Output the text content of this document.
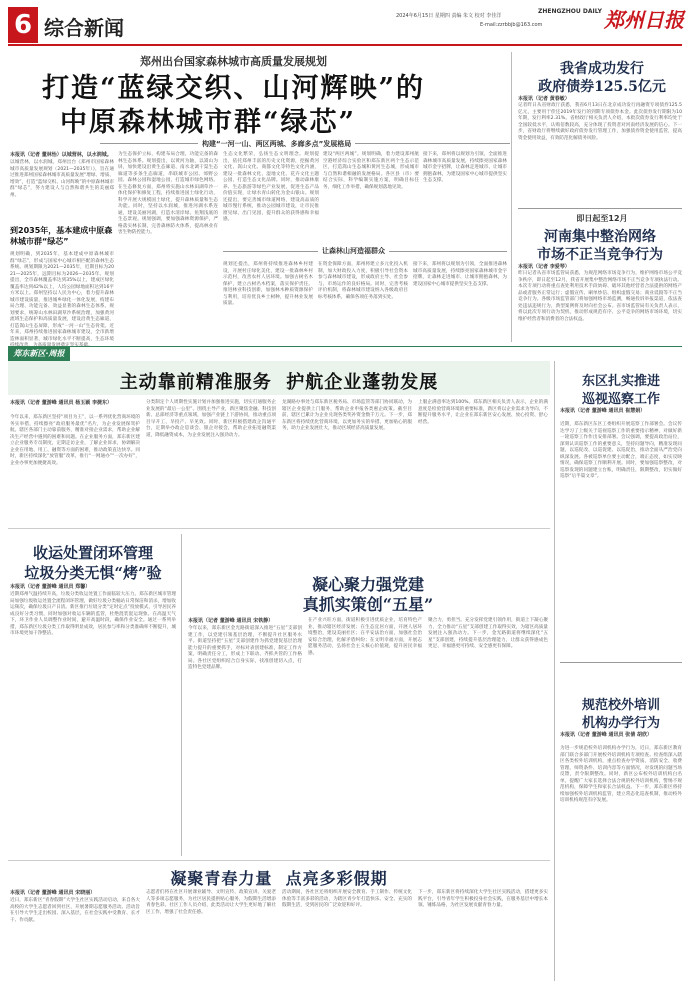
6 综合新闻	2024年6月15日 星期四 责编 朱文 校对 李佳洋
E-mail:zzrbbjb@163.com
ZHENGZHOU DAILY 郑州日报
郑州出台国家森林城市高质量发展规划
打造“蓝绿交织、山河辉映”的
中原森林城市群“绿芯”
构建“一河一山、两区两城、多廊多点”发展格局
本报讯（记者 董林怡）以城营林，以水润城。
以城营林，以水润城。郑州出台《郑州市国家森林城市高质量发展规划（2021—2035年）》，旨在通过推进郑州国家森林城市高质量发展“增绿、增质、增效”，打造“蓝绿交织、山河辉映”的中原森林城市群“绿芯”，努力建设人与自然和谐共生的美丽郑州。
到2035年，基本建成中原森林城市群“绿芯”
规划明确，到2035年，基本建成中原森林城市群“绿芯”，形成与国家中心城市相匹配的森林生态系统。规划期限为2021—2035年，近期目标为2021—2025年，远期目标为2026—2035年。规划提出，全市森林覆盖率达到35%以上，建成区绿化覆盖率达到42%以上，人均公园绿地面积达到16平方米以上。郑州坚持以人民为中心，着力提升森林城市建设质量，推进城乡绿化一体化发展，构建布局合理、功能完备、效益显著的森林生态体系。规划要求，统筹山水林田湖草沙系统治理，加强黄河流域生态保护和高质量发展，建设沿黄生态廊道，打造嵩山生态屏障，形成“一河一山”生态骨架。近年来，郑州持续推进国家森林城市建设，全市新增造林面积显著，城市绿化水平不断提高，生态环境
为生态保护立标，构建布局合理、功能完备的森林生态体系。规划提出，以黄河为轴，以嵩山为屏，加快建设沿黄生态廊道、南水北调干渠生态廊道等多条生态廊道，串联城市公园、郊野公园、森林公园和湿地公园，打造城市绿色网络。在生态修复方面，郑州将实施山水林田湖草沙一体化保护和修复工程，持续推进国土绿化行动，科学开展大规模国土绿化，提升森林质量和生态功能。同时，坚持以水润城，推进河湖水系连通，建设美丽河湖，打造水清岸绿、鱼翔浅底的生态景观。规划强调，要加强森林资源保护，严格落实林长制，完善森林防火体系，提高林业有害生物防控能力。
生态文化繁荣，弘扬生态文明理念。规划提出，依托郑州丰富的历史文化资源，挖掘黄河文化、嵩山文化、商都文化等特色文化内涵，建设一批森林文化、湿地文化、花卉文化主题公园，打造生态文化品牌。同时，推动森林康养、生态旅游等绿色产业发展，促进生态产品价值实现，让绿水青山转化为金山银山。规划还提出，要完善城市绿道网络，建设高品质的城市慢行系统，推动公园城市建设，让市民推窗见绿、出门见园，提升群众的获得感和幸福感。
建设“两区两城”。规划明确，着力建设郑州航空港经济综合实验区和郑东新区两个生态示范区，打造嵩山生态城和黄河生态城，形成城市与自然和谐相融的发展格局。各区县（市）要结合实际，科学编制实施方案，明确目标任务，细化工作举措，确保规划落地见效。
接下来，郑州将以规划为引领，全面推进森林城市高质量发展，持续擦亮国家森林城市金字招牌，让森林走进城市、让城市拥抱森林，为建设国家中心城市提供坚实生态支撑。
让森林山河造福群众
规划还提出，郑州将持续推进森林乡村建设，开展村庄绿化美化，建设一批森林乡村示范村，改善农村人居环境。加强古树名木保护，建立古树名木档案，落实保护责任。推进林业科技创新，加强林木种质资源保护与利用，培育优良乡土树种，提升林业发展质量。
在资金保障方面，郑州将建立多元化投入机制，加大财政投入力度，积极引导社会资本参与森林城市建设，形成政府主导、社会参与、市场运作的良好格局。同时，完善考核评价机制，将森林城市建设纳入各级政府目标考核体系，确保各项任务落到实处。
接下来，郑州将以规划为引领，全面推进森林城市高质量发展，持续擦亮国家森林城市金字招牌，让森林走进城市、让城市拥抱森林，为建设国家中心城市提供坚实生态支撑。
我省成功发行
政府债券125.5亿元
本报讯（记者 黄春敏）
记者昨日从省财政厅获悉，我省6月13日在北京成功发行再融资专项债券125.5亿元，主要用于偿还2019年发行的到期专项债券本金。此次债券发行期限为10年期，发行利率2.31%。省财政厅相关负责人介绍，本批次债券发行利率均处于全国较低水平，认购倍数较高，充分体现了投资者对河南经济发展的信心。下一步，省财政厅将继续做好政府债券发行管理工作，加强债券资金使用监管，提高资金使用效益，有效防范化解债务风险。
即日起至12月
河南集中整治网络
市场不正当竞争行为
本报讯（记者 李爱琴）
昨日记者从省市场监管局获悉，为规范网络市场竞争行为，维护网络市场公平竞争秩序，即日起至12月，我省开展集中整治网络市场不正当竞争专项执法行动。本次专项行动将重点查处利用技术手段妨碍、破坏其他经营者合法提供的网络产品或者服务正常运行；虚假宣传、刷单炒信、组织虚假交易；商业诋毁等不正当竞争行为。各级市场监管部门将加强网络市场监测，畅通投诉举报渠道，依法查处违法违规行为，典型案例将及时向社会公布。省市场监管局有关负责人表示，将以此次专项行动为契机，推动形成规范有序、公平竞争的网络市场环境，切实维护经营者和消费者的合法权益。
郑东新区·周报
主动靠前精准服务  护航企业蓬勃发展
本报讯（记者 董游峰 通讯员 杨玉颖 李捷东）
今年以来，郑东新区坚持“项目为王”，以一系列优化营商环境的务实举措，持续擦亮“政府服务最优”名片，为企业发展保驾护航。辖区各部门主动靠前服务，精准对接企业需求，帮助企业解决生产经营中遇到的困难和问题。在企业服务方面，郑东新区建立企业服务专员制度，定期走访企业，了解企业诉求，协调解决企业在用地、用工、融资等方面的困难，推动政策直达快享。同时，新区持续深化“放管服”改革，推行“一网通办”“一次办好”，企业办事更加便捷高效。
分类制定个人周期性实施计划并加强推进实施，切实打通服务企业发展的“最后一公里”。围绕主导产业，新区聚焦金融、科技创新、总部经济等重点领域，加强产业链上下游协同，推动重点项目早开工、早投产、早见效。同时，新区积极搭建政企沟通平台，定期举办政企恳谈会、银企对接会，帮助企业拓宽融资渠道，降低融资成本，为企业发展注入强劲动力。
龙湖路办事处与郑东新区税务局、市场监管等部门协同联动，为辖区企业提供上门服务，帮助企业申报各类惠企政策。截至目前，辖区已累计为企业兑现各类奖补资金数千万元。下一步，郑东新区将持续优化营商环境，以更加务实的举措、更加贴心的服务，助力企业发展壮大，推动区域经济高质量发展。
上服企满意率达到100%。郑东新区相关负责人表示，企业的满意度是检验营商环境的重要标准，新区将以企业需求为导向，不断提升服务水平，让企业在郑东新区安心发展、放心投资、舒心经营。
东区扎实推进
巡视巡察工作
本报讯（记者 董游峰 通讯员 崔慧娟）
近期，郑东新区东区工委组织开展巡察工作部署会。会议传达学习了上级关于巡视巡察工作的重要指示精神，对做好新一轮巡察工作作出安排部署。会议强调，要提高政治站位，深刻认识巡察工作的重要意义，坚持问题导向，精准发现问题，以巡促改、以巡促建、以巡促治，推动全面从严治党向纵深发展。各被巡察单位要主动配合，端正态度，如实反映情况，确保巡察工作顺利开展。同时，要加强巡察整改，对巡察发现的问题建立台账，明确责任，限期整改，切实做好巡察“后半篇文章”。
收运处置闭环管理
垃圾分类无惧“烤”验
本报讯（记者 董游峰 通讯员 郑馨）
近期郑州气温持续升高，垃圾分类收运处置工作面临较大压力。郑东新区城市管理局加强垃圾收运处置全流程闭环管理，做好垃圾分类桶站日常保洁和消杀，增加收运频次，确保垃圾日产日清。新区推行垃圾分类“定时定点”投放模式，引导居民养成良好分类习惯，同时加强对收运车辆的监管，杜绝混装混运现象。在高温天气下，环卫作业人员调整作业时间，避开高温时段，确保作业安全。通过一系列举措，郑东新区垃圾分类工作取得明显成效，居民参与率和分类准确率不断提升，城市环境更加干净整洁。
凝心聚力强党建
真抓实策创“五星”
本报讯（记者 董游峰 通讯员 宋铁静）
今年以来，郑东新区金光路街道深入推进“五星”支部创建工作，以党建引领基层治理，不断提升社区服务水平。街道坚持把“五星”支部创建作为抓党建促基层治理能力提升的重要抓手，对标对表创建标准，制定工作方案，明确责任分工，形成上下联动、齐抓共管的工作格局。各社区党组织结合自身实际，找准创建切入点，打造特色党建品牌。
在产业兴旺方面，街道积极引进优质企业，培育特色产业，推动辖区经济发展；在生态宜居方面，开展人居环境整治，建设美丽社区；在平安法治方面，加强社会治安综合治理，化解矛盾纠纷；在文明幸福方面，开展志愿服务活动，弘扬社会主义核心价值观，提升居民幸福感。
聚合力，勇担当。充分发挥党建引领作用，街道上下凝心聚力，全力推动“五星”支部创建工作取得实效，为辖区高质量发展注入强劲动力。下一步，金光路街道将继续深化“五星”支部创建，持续提升基层治理能力，让群众获得感成色更足、幸福感更可持续、安全感更有保障。
凝聚青春力量  点亮多彩假期
本报讯（记者 董游峰 通讯员 宋晓丽）
近日，郑东新区“青春假期”大学生社区实践活动启动，来自各大高校的大学生志愿者回到社区，开展暑期志愿服务活动。活动旨在引导大学生走出校园、深入基层，在社会实践中受教育、长才干、作贡献。
志愿者们将在社区开展课业辅导、文明宣传、政策宣讲、关爱老人等多项志愿服务，为社区居民提供贴心服务，为假期生活增添青春色彩。社区工作人员介绍，此类活动让大学生更好地了解社区工作，增强了社会责任感。
活动期间，各社区还将组织开展安全教育、手工制作、传统文化体验等丰富多彩的活动，为辖区青少年打造快乐、安全、充实的假期生活，受到居民的广泛欢迎和好评。
下一步，郑东新区将持续深化大学生社区实践活动，搭建更多实践平台，引导青年学生积极投身社会实践，在服务基层中增长本领、锤炼品格，为社区发展贡献青春力量。
规范校外培训
机构办学行为
本报讯（记者 董游峰 通讯员 张倩 胡欣）
为进一步规范校外培训机构办学行为，近日，郑东新区教育部门联合多部门开展校外培训机构专项检查。检查组深入辖区各类校外培训机构，重点检查办学资质、消防安全、收费管理、师资条件、培训内容等方面情况，对发现的问题当场反馈，责令限期整改。同时，新区公布校外培训机构白名单，提醒广大家长选择合法合规的校外培训机构，警惕不规范机构，保障学生和家长合法权益。下一步，郑东新区将持续加强校外培训机构监管，建立常态化巡查机制，推动校外培训机构规范有序发展。
